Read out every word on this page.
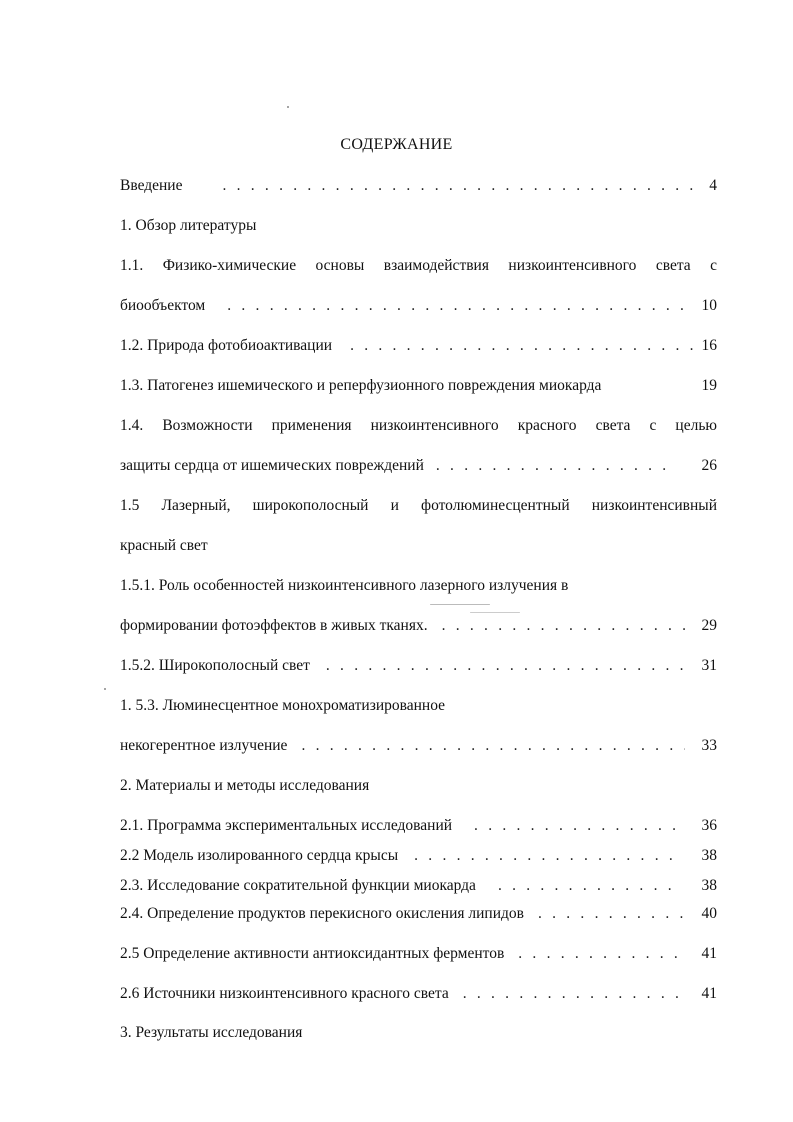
СОДЕРЖАНИЕ
Введение . . .	4
1. Обзор литературы
1.1. Физико-химические основы взаимодействия низкоинтенсивного света с
биообъектом . . .	10
1.2. Природа фотобиоактивации . . .	16
1.3. Патогенез ишемического и реперфузионного повреждения миокарда	19
1.4. Возможности применения низкоинтенсивного красного света с целью
защиты сердца от ишемических повреждений . . .	26
1.5 Лазерный, широкополосный и фотолюминесцентный низкоинтенсивный
красный свет
1.5.1. Роль особенностей низкоинтенсивного лазерного излучения в
формировании фотоэффектов в живых тканях. . . .	29
1.5.2. Широкополосный свет . . .	31
1. 5.3. Люминесцентное монохроматизированное
некогерентное излучение . . .	33
2. Материалы и методы исследования
2.1. Программа экспериментальных исследований . . .	36
2.2 Модель изолированного сердца крысы . . .	38
2.3. Исследование сократительной функции миокарда . . .	38
2.4. Определение продуктов перекисного окисления липидов . . .	40
2.5 Определение активности антиоксидантных ферментов . . .	41
2.6 Источники низкоинтенсивного красного света . . .	41
3. Результаты исследования
